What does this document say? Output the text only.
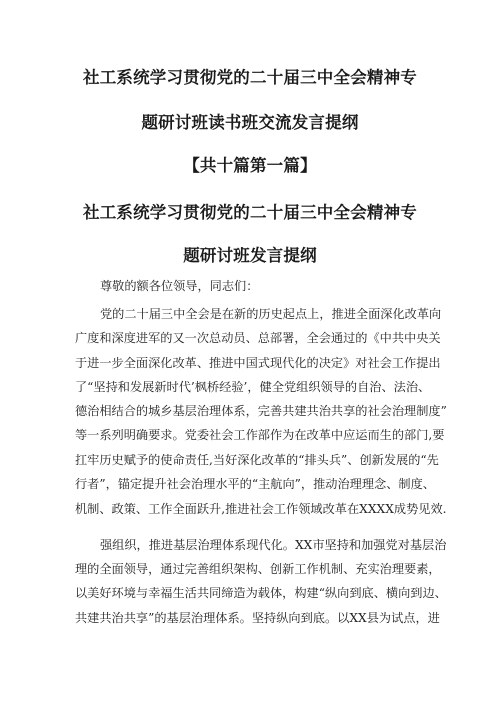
社工系统学习贯彻党的二十届三中全会精神专
题研讨班读书班交流发言提纲
【共十篇第一篇】
社工系统学习贯彻党的二十届三中全会精神专
题研讨班发言提纲
尊敬的额各位领导，同志们：
党的二十届三中全会是在新的历史起点上，推进全面深化改革向
广度和深度进军的又一次总动员、总部署，全会通过的《中共中央关
于进一步全面深化改革、推进中国式现代化的决定》对社会工作提出
了“坚持和发展新时代’枫桥经验’，健全党组织领导的自治、法治、
德治相结合的城乡基层治理体系，完善共建共治共享的社会治理制度”
等一系列明确要求。党委社会工作部作为在改革中应运而生的部门,要
扛牢历史赋予的使命责任,当好深化改革的“排头兵”、创新发展的“先
行者”，锚定提升社会治理水平的“主航向”，推动治理理念、制度、
机制、政策、工作全面跃升,推进社会工作领域改革在XXXX成势见效.
强组织，推进基层治理体系现代化。XX市坚持和加强党对基层治
理的全面领导，通过完善组织架构、创新工作机制、充实治理要素，
以美好环境与幸福生活共同缔造为载体，构建“纵向到底、横向到边、
共建共治共享”的基层治理体系。坚持纵向到底。以XX县为试点，进
